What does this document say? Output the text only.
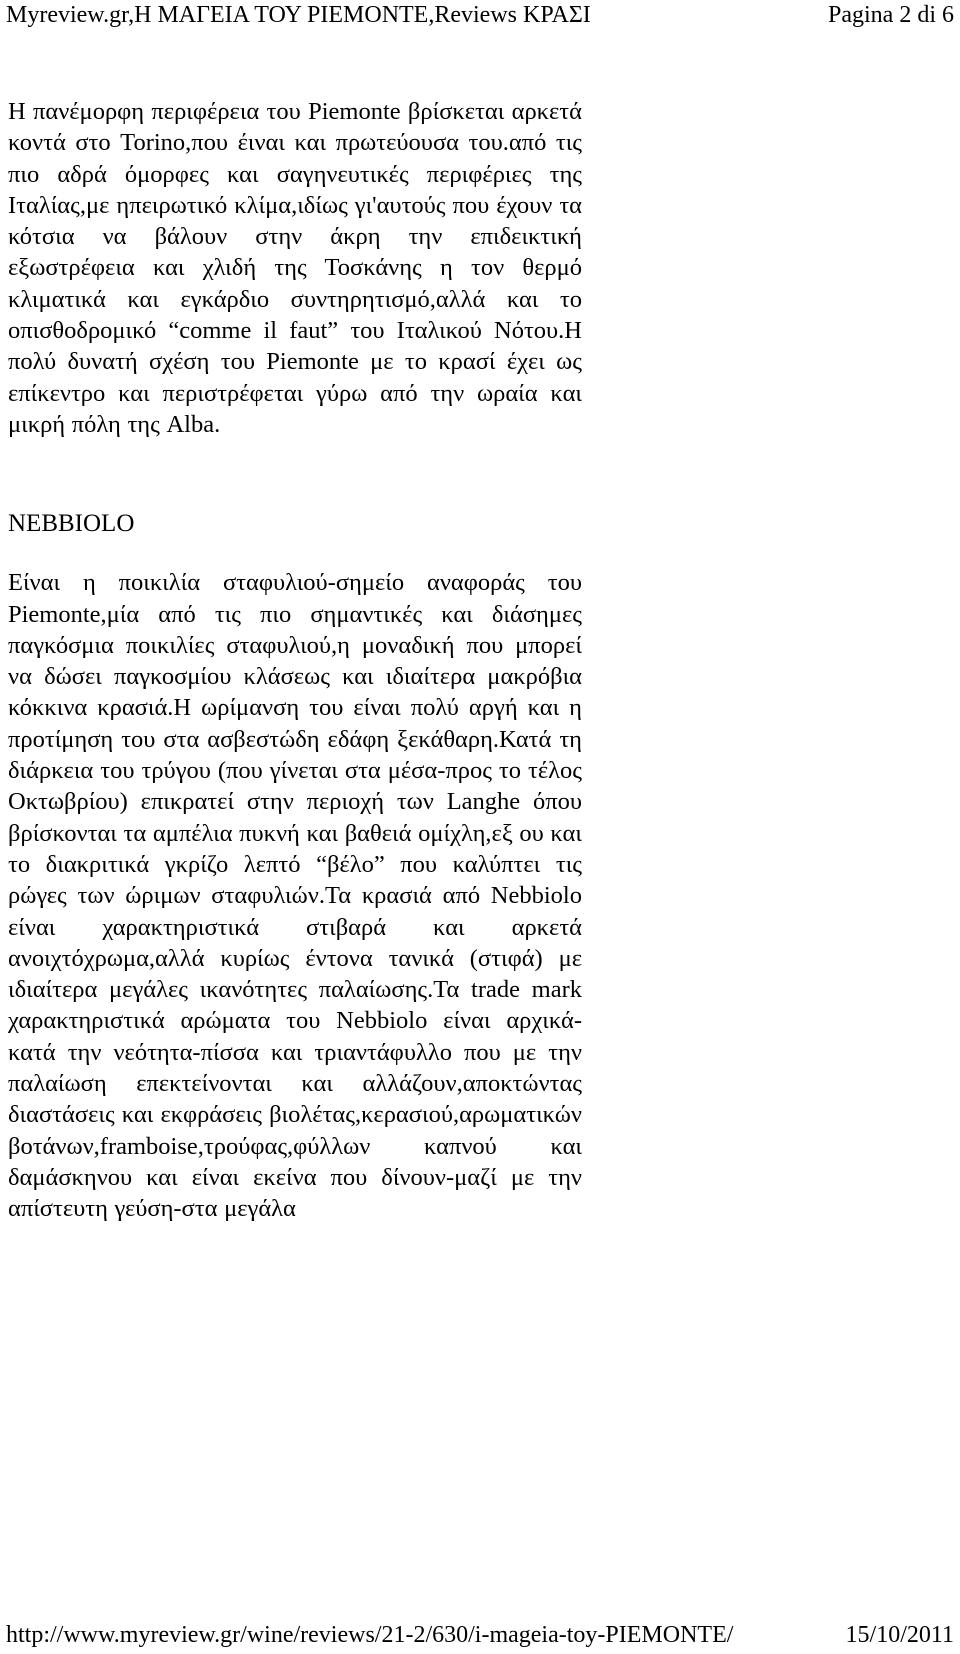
Myreview.gr,Η ΜΑΓΕΙΑ ΤΟΥ ΡΙΕΜΟΝΤΕ,Reviews ΚΡΑΣΙ	Pagina 2 di 6

Η πανέμορφη περιφέρεια του Piemonte βρίσκεται αρκετά κοντά στο Torino,που έιναι και πρωτεύουσα του.από τις πιο αδρά όμορφες και σαγηνευτικές περιφέριες της Ιταλίας,με ηπειρωτικό κλίμα,ιδίως γι'αυτούς που έχουν τα κότσια να βάλουν στην άκρη την επιδεικτική εξωστρέφεια και χλιδή της Τοσκάνης η τον θερμό κλιματικά και εγκάρδιο συντηρητισμό,αλλά και το οπισθοδρομικό “comme il faut” του Ιταλικού Νότου.Η πολύ δυνατή σχέση του Piemonte με το κρασί έχει ως επίκεντρο και περιστρέφεται γύρω από την ωραία και μικρή πόλη της Alba.

NEBBIOLO

Είναι η ποικιλία σταφυλιού-σημείο αναφοράς του Piemonte,μία από τις πιο σημαντικές και διάσημες παγκόσμια ποικιλίες σταφυλιού,η μοναδική που μπορεί να δώσει παγκοσμίου κλάσεως και ιδιαίτερα μακρόβια κόκκινα κρασιά.Η ωρίμανση του είναι πολύ αργή και η προτίμηση του στα ασβεστώδη εδάφη ξεκάθαρη.Κατά τη διάρκεια του τρύγου (που γίνεται στα μέσα-προς το τέλος Οκτωβρίου) επικρατεί στην περιοχή των Langhe όπου βρίσκονται τα αμπέλια πυκνή και βαθειά ομίχλη,εξ ου και το διακριτικά γκρίζο λεπτό “βέλο” που καλύπτει τις ρώγες των ώριμων σταφυλιών.Τα κρασιά από Nebbiolo είναι χαρακτηριστικά στιβαρά και αρκετά ανοιχτόχρωμα,αλλά κυρίως έντονα τανικά (στιφά) με ιδιαίτερα μεγάλες ικανότητες παλαίωσης.Τα trade mark χαρακτηριστικά αρώματα του Nebbiolo είναι αρχικά-κατά την νεότητα-πίσσα και τριαντάφυλλο που με την παλαίωση επεκτείνονται και αλλάζουν,αποκτώντας διαστάσεις και εκφράσεις βιολέτας,κερασιού,αρωματικών βοτάνων,framboise,τρούφας,φύλλων καπνού και δαμάσκηνου και είναι εκείνα που δίνουν-μαζί με την απίστευτη γεύση-στα μεγάλα

http://www.myreview.gr/wine/reviews/21-2/630/i-mageia-toy-PIEMONTE/	15/10/2011
